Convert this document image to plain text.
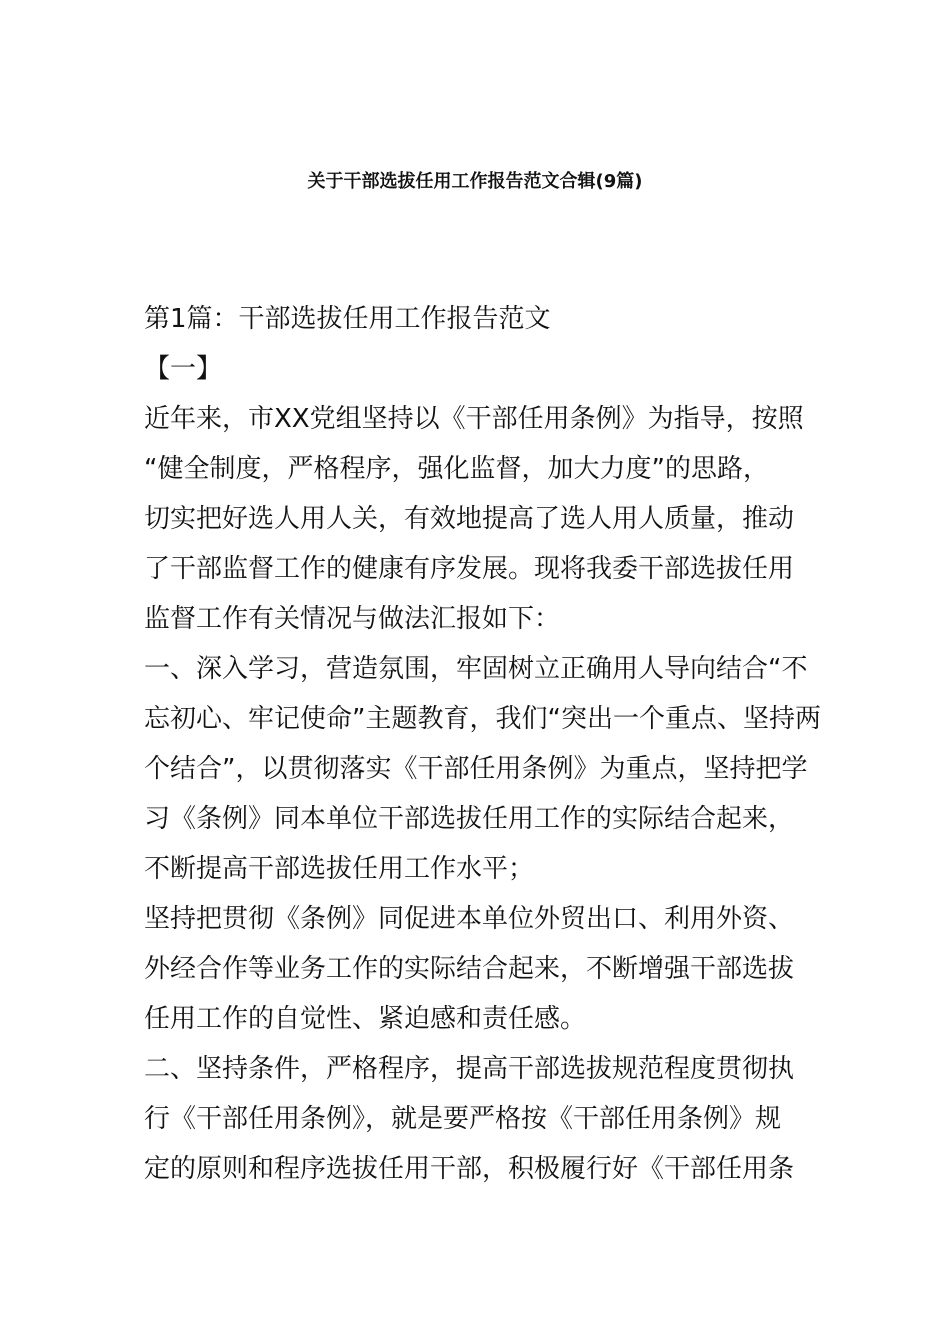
关于干部选拔任用工作报告范文合辑(9篇)
第1篇：干部选拔任用工作报告范文
【一】
近年来，市XX党组坚持以《干部任用条例》为指导，按照
“健全制度，严格程序，强化监督，加大力度”的思路，
切实把好选人用人关，有效地提高了选人用人质量，推动
了干部监督工作的健康有序发展。现将我委干部选拔任用
监督工作有关情况与做法汇报如下：
一、深入学习，营造氛围，牢固树立正确用人导向结合“不
忘初心、牢记使命”主题教育，我们“突出一个重点、坚持两
个结合”，以贯彻落实《干部任用条例》为重点，坚持把学
习《条例》同本单位干部选拔任用工作的实际结合起来，
不断提高干部选拔任用工作水平；
坚持把贯彻《条例》同促进本单位外贸出口、利用外资、
外经合作等业务工作的实际结合起来，不断增强干部选拔
任用工作的自觉性、紧迫感和责任感。
二、坚持条件，严格程序，提高干部选拔规范程度贯彻执
行《干部任用条例》，就是要严格按《干部任用条例》规
定的原则和程序选拔任用干部，积极履行好《干部任用条
